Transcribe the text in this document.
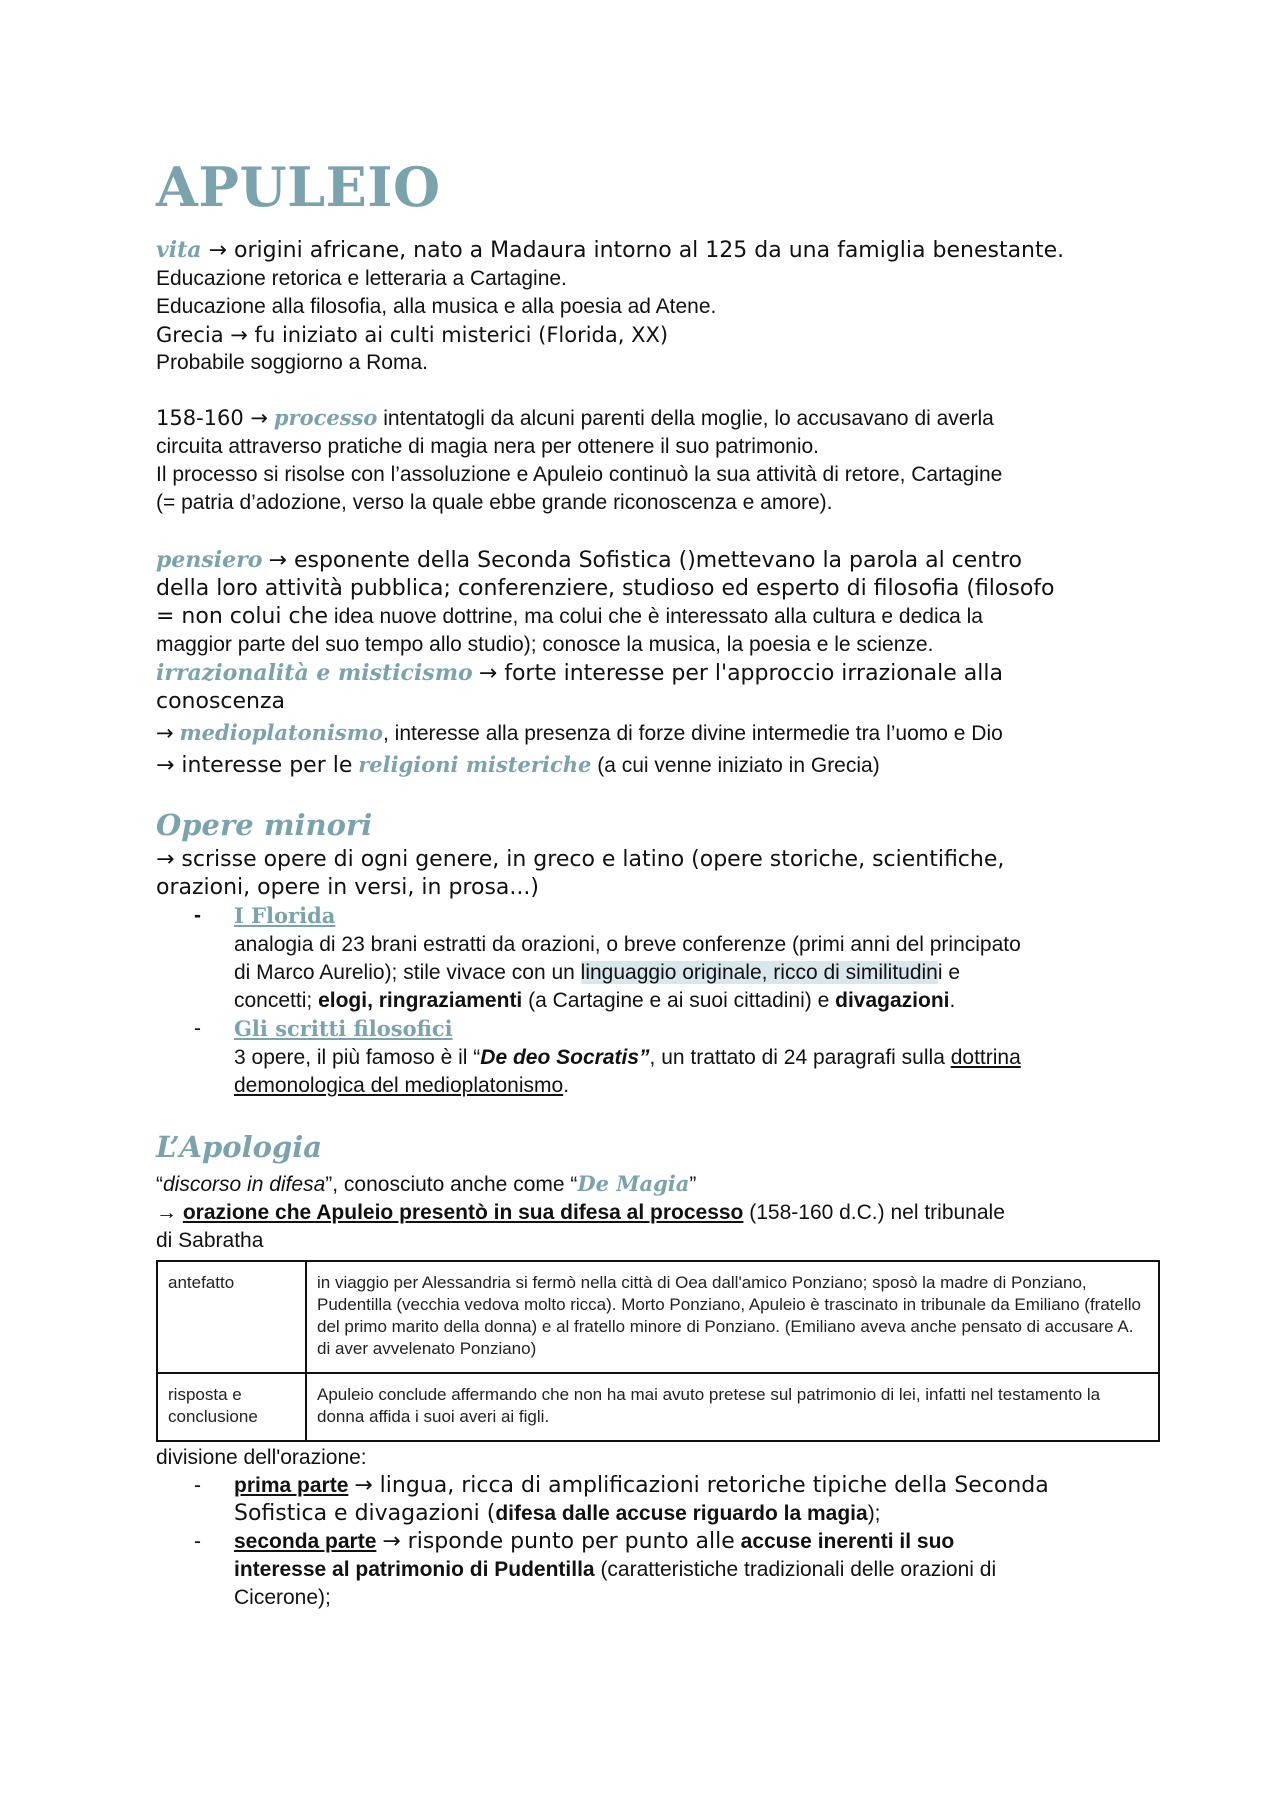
APULEIO
vita → origini africane, nato a Madaura intorno al 125 da una famiglia benestante.
Educazione retorica e letteraria a Cartagine.
Educazione alla filosofia, alla musica e alla poesia ad Atene.
Grecia → fu iniziato ai culti misterici (Florida, XX)
Probabile soggiorno a Roma.
158-160 → processo intentatogli da alcuni parenti della moglie, lo accusavano di averla
circuita attraverso pratiche di magia nera per ottenere il suo patrimonio.
Il processo si risolse con l’assoluzione e Apuleio continuò la sua attività di retore, Cartagine
(= patria d’adozione, verso la quale ebbe grande riconoscenza e amore).
pensiero → esponente della Seconda Sofistica ()mettevano la parola al centro
della loro attività pubblica; conferenziere, studioso ed esperto di filosofia (filosofo
= non colui che idea nuove dottrine, ma colui che è interessato alla cultura e dedica la
maggior parte del suo tempo allo studio); conosce la musica, la poesia e le scienze.
irrazionalità e misticismo → forte interesse per l'approccio irrazionale alla
conoscenza
→ medioplatonismo, interesse alla presenza di forze divine intermedie tra l’uomo e Dio
→ interesse per le religioni misteriche (a cui venne iniziato in Grecia)
Opere minori
→ scrisse opere di ogni genere, in greco e latino (opere storiche, scientifiche,
orazioni, opere in versi, in prosa...)
- I Florida
analogia di 23 brani estratti da orazioni, o breve conferenze (primi anni del principato
di Marco Aurelio); stile vivace con un linguaggio originale, ricco di similitudini e
concetti; elogi, ringraziamenti (a Cartagine e ai suoi cittadini) e divagazioni.
- Gli scritti filosofici
3 opere, il più famoso è il “De deo Socratis”, un trattato di 24 paragrafi sulla dottrina
demonologica del medioplatonismo.
L’Apologia
“discorso in difesa”, conosciuto anche come “De Magia”
→ orazione che Apuleio presentò in sua difesa al processo (158-160 d.C.) nel tribunale
di Sabratha
antefatto	in viaggio per Alessandria si fermò nella città di Oea dall'amico Ponziano; sposò la madre di Ponziano, Pudentilla (vecchia vedova molto ricca). Morto Ponziano, Apuleio è trascinato in tribunale da Emiliano (fratello del primo marito della donna) e al fratello minore di Ponziano. (Emiliano aveva anche pensato di accusare A. di aver avvelenato Ponziano)
risposta e conclusione	Apuleio conclude affermando che non ha mai avuto pretese sul patrimonio di lei, infatti nel testamento la donna affida i suoi averi ai figli.
divisione dell'orazione:
- prima parte → lingua, ricca di amplificazioni retoriche tipiche della Seconda
Sofistica e divagazioni (difesa dalle accuse riguardo la magia);
- seconda parte → risponde punto per punto alle accuse inerenti il suo
interesse al patrimonio di Pudentilla (caratteristiche tradizionali delle orazioni di
Cicerone);
